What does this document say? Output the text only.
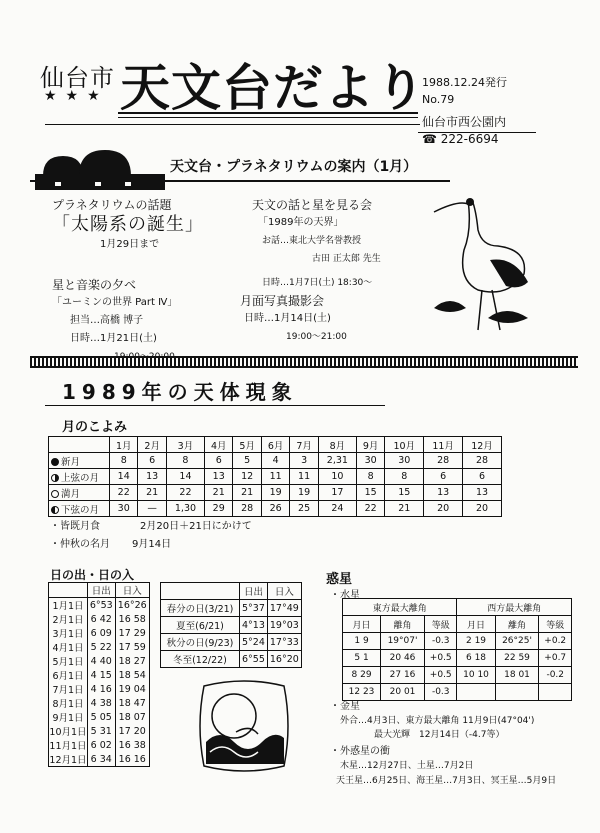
仙台市
★★★ 天文台だより
1988.12.24発行
No.79
仙台市西公園内
☎ 222-6694
天文台・プラネタリウムの案内（1月）
プラネタリウムの話題
「太陽系の誕生」
1月29日まで
天文の話と星を見る会
「1989年の天界」
お話…東北大学名誉教授
古田 正太郎 先生
日時…1月7日(土) 18:30〜
星と音楽の夕べ
「ユーミンの世界 Part Ⅳ」
担当…高橋 博子
日時…1月21日(土)
月面写真撮影会
日時…1月14日(土)
19:00〜21:00
1989年の天体現象
月のこよみ
	1月	2月	3月	4月	5月	6月	7月	8月	9月	10月	11月	12月
新月	8	6	8	6	5	4	3	2,31	30	30	28	28
上弦の月	14	13	14	13	12	11	11	10	8	8	6	6
満月	22	21	22	21	21	19	19	17	15	15	13	13
下弦の月	30	—	1,30	29	28	26	25	24	22	21	20	20
・皆既月食	2月20日＋21日にかけて
・仲秋の名月 9月14日
日の出・日の入
	日出	日入
1月1日	6°53	16°26
2月1日	6 42	16 58
3月1日	6 09	17 29
4月1日	5 22	17 59
5月1日	4 40	18 27
6月1日	4 15	18 54
7月1日	4 16	19 04
8月1日	4 38	18 47
9月1日	5 05	18 07
10月1日	5 31	17 20
11月1日	6 02	16 38
12月1日	6 34	16 16
	日出	日入
春分の日(3/21)	5°37	17°49
夏至(6/21)	4°13	19°03
秋分の日(9/23)	5°24	17°33
冬至(12/22)	6°55	16°20
惑星
・水星
東方最大離角			西方最大離角		
月日	離角	等級	月日	離角	等級
1 9	19°07'	-0.3	2 19	26°25'	+0.2
5 1	20 46	+0.5	6 18	22 59	+0.7
8 29	27 16	+0.5	10 10	18 01	-0.2
12 23	20 01	-0.3			
・金星
外合…4月3日、東方最大離角 11月9日(47°04')
最大光輝　12月14日（-4.7等）
・外惑星の衝
木星…12月27日、土星…7月2日
天王星…6月25日、海王星…7月3日、冥王星…5月9日
